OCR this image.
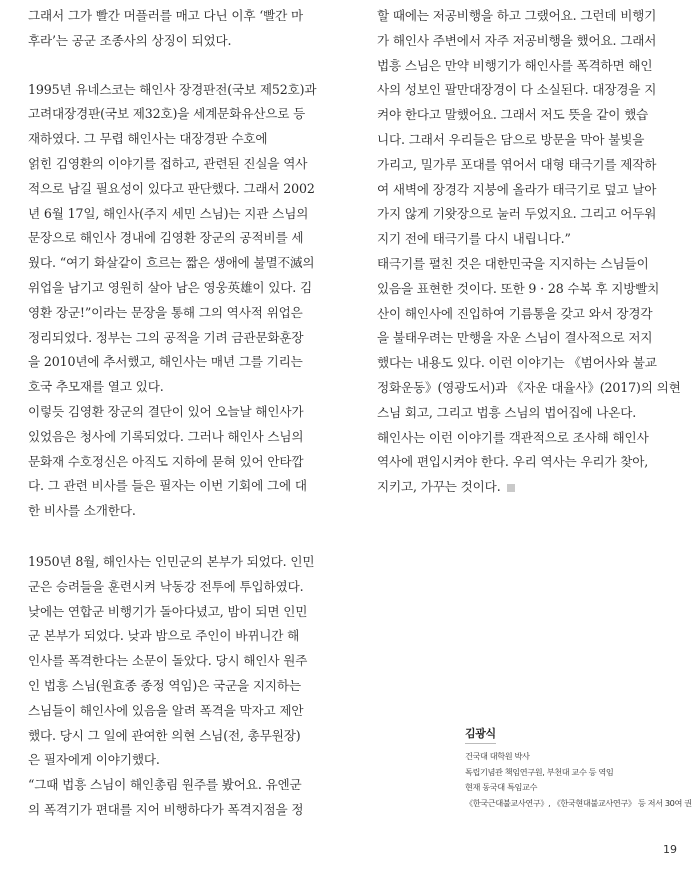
그래서 그가 빨간 머플러를 매고 다닌 이후 ‘빨간 마
후라’는 공군 조종사의 상징이 되었다.

1995년 유네스코는 해인사 장경판전(국보 제52호)과
고려대장경판(국보 제32호)을 세계문화유산으로 등
재하였다. 그 무렵 해인사는 대장경판 수호에
얽힌 김영환의 이야기를 접하고, 관련된 진실을 역사
적으로 남길 필요성이 있다고 판단했다. 그래서 2002
년 6월 17일, 해인사(주지 세민 스님)는 지관 스님의
문장으로 해인사 경내에 김영환 장군의 공적비를 세
웠다. “여기 화살같이 흐르는 짧은 생애에 불멸不滅의
위업을 남기고 영원히 살아 남은 영웅英雄이 있다. 김
영환 장군!”이라는 문장을 통해 그의 역사적 위업은
정리되었다. 정부는 그의 공적을 기려 금관문화훈장
을 2010년에 추서했고, 해인사는 매년 그를 기리는
호국 추모재를 열고 있다.

이렇듯 김영환 장군의 결단이 있어 오늘날 해인사가
있었음은 청사에 기록되었다. 그러나 해인사 스님의
문화재 수호정신은 아직도 지하에 묻혀 있어 안타깝
다. 그 관련 비사를 들은 필자는 이번 기회에 그에 대
한 비사를 소개한다.

1950년 8월, 해인사는 인민군의 본부가 되었다. 인민
군은 승려들을 훈련시켜 낙동강 전투에 투입하였다.
낮에는 연합군 비행기가 돌아다녔고, 밤이 되면 인민
군 본부가 되었다. 낮과 밤으로 주인이 바뀌니간 해
인사를 폭격한다는 소문이 돌았다. 당시 해인사 원주
인 법흥 스님(원효종 종정 역임)은 국군을 지지하는
스님들이 해인사에 있음을 알려 폭격을 막자고 제안
했다. 당시 그 일에 관여한 의현 스님(전, 총무원장)
은 필자에게 이야기했다.

“그때 법흥 스님이 해인총림 원주를 봤어요. 유엔군
의 폭격기가 편대를 지어 비행하다가 폭격지점을 정

할 때에는 저공비행을 하고 그랬어요. 그런데 비행기
가 해인사 주변에서 자주 저공비행을 했어요. 그래서
법흥 스님은 만약 비행기가 해인사를 폭격하면 해인
사의 성보인 팔만대장경이 다 소실된다. 대장경을 지
켜야 한다고 말했어요. 그래서 저도 뜻을 같이 했습
니다. 그래서 우리들은 담으로 방문을 막아 불빛을
가리고, 밀가루 포대를 엮어서 대형 태극기를 제작하
여 새벽에 장경각 지붕에 올라가 태극기로 덮고 날아
가지 않게 기왓장으로 눌러 두었지요. 그리고 어두워
지기 전에 태극기를 다시 내립니다.”

태극기를 펼친 것은 대한민국을 지지하는 스님들이
있음을 표현한 것이다. 또한 9 · 28 수복 후 지방빨치
산이 해인사에 진입하여 기름통을 갖고 와서 장경각
을 불태우려는 만행을 자운 스님이 결사적으로 저지
했다는 내용도 있다. 이런 이야기는 《범어사와 불교
정화운동》(영광도서)과 《자운 대율사》(2017)의 의현
스님 회고, 그리고 법흥 스님의 법어집에 나온다.

해인사는 이런 이야기를 객관적으로 조사해 해인사
역사에 편입시켜야 한다. 우리 역사는 우리가 찾아,
지키고, 가꾸는 것이다.

김광식
건국대 대학원 박사
독립기념관 책임연구원, 부천대 교수 등 역임
현재 동국대 특임교수
《한국근대불교사연구》, 《한국현대불교사연구》 등 저서 30여 권
19
